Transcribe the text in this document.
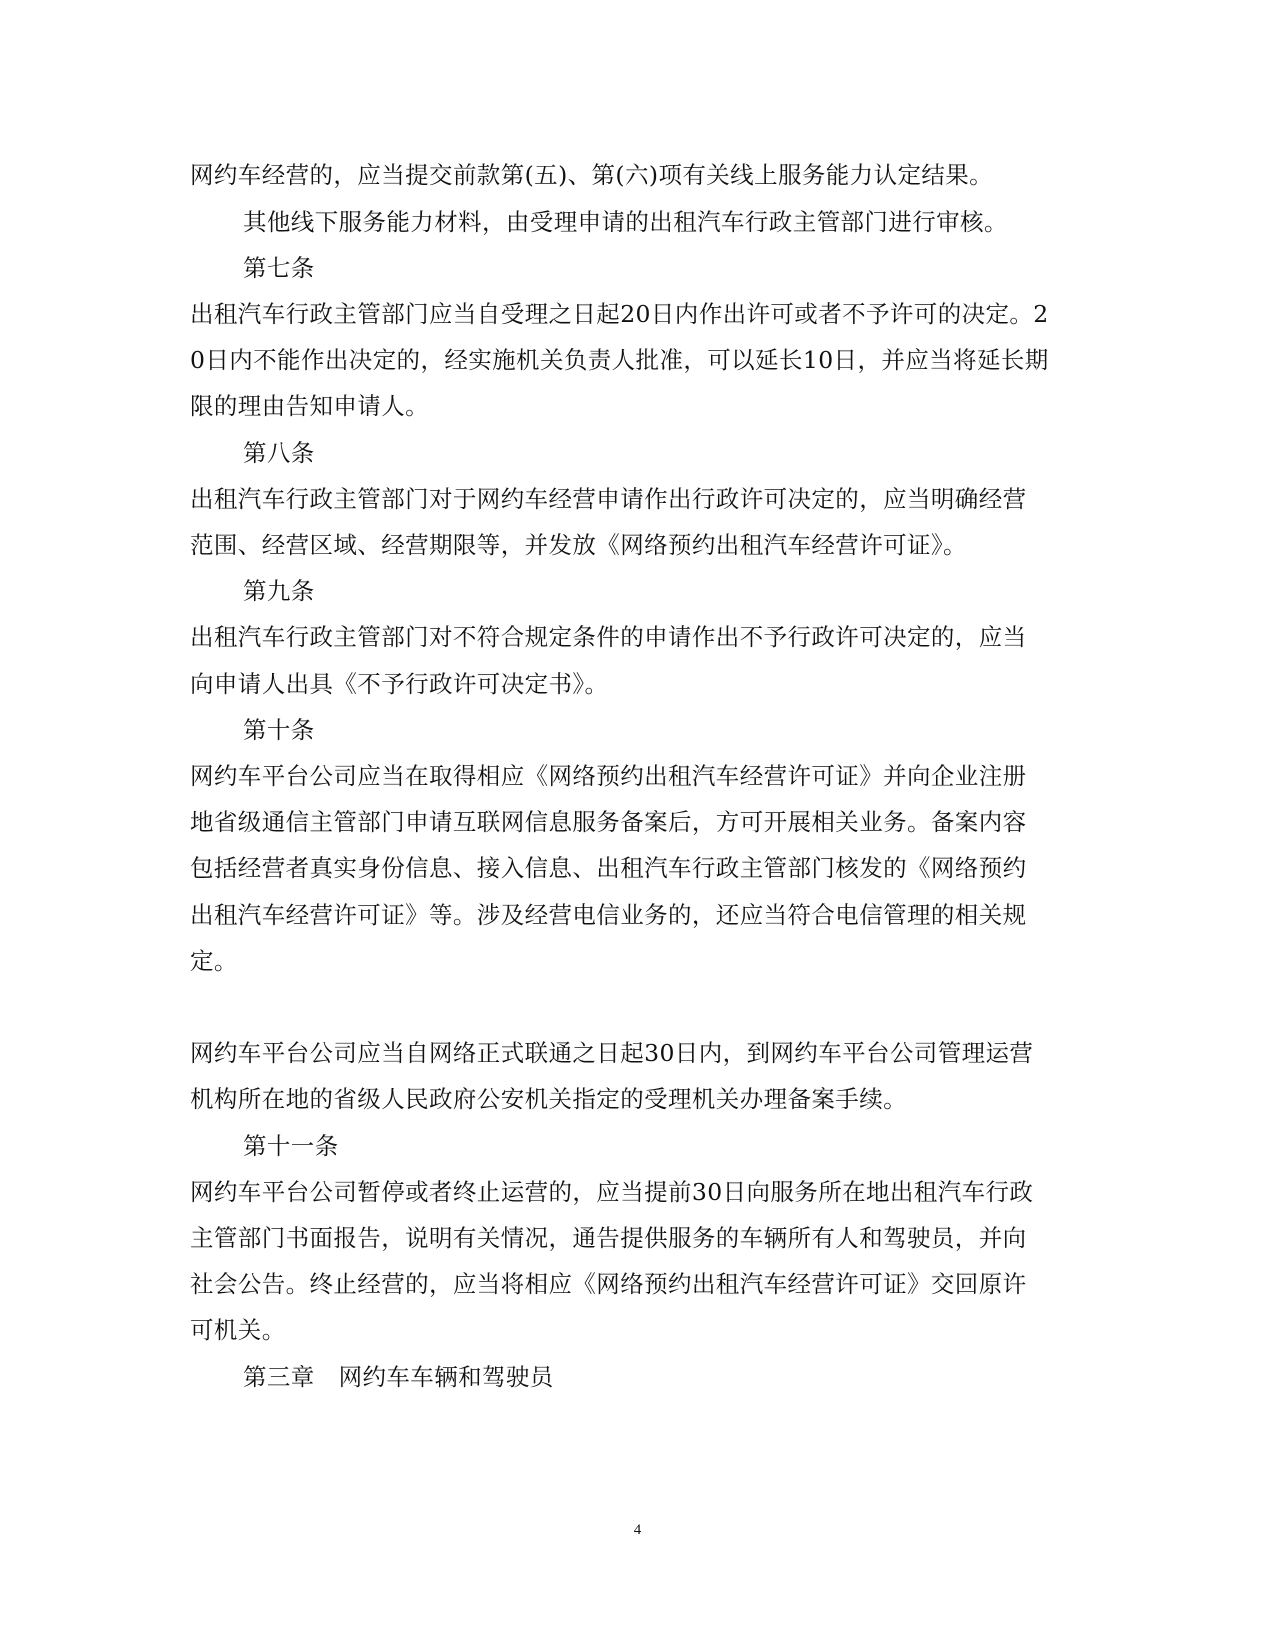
网约车经营的，应当提交前款第(五)、第(六)项有关线上服务能力认定结果。
其他线下服务能力材料，由受理申请的出租汽车行政主管部门进行审核。
第七条
出租汽车行政主管部门应当自受理之日起20日内作出许可或者不予许可的决定。2
0日内不能作出决定的，经实施机关负责人批准，可以延长10日，并应当将延长期
限的理由告知申请人。
第八条
出租汽车行政主管部门对于网约车经营申请作出行政许可决定的，应当明确经营
范围、经营区域、经营期限等，并发放《网络预约出租汽车经营许可证》。
第九条
出租汽车行政主管部门对不符合规定条件的申请作出不予行政许可决定的，应当
向申请人出具《不予行政许可决定书》。
第十条
网约车平台公司应当在取得相应《网络预约出租汽车经营许可证》并向企业注册
地省级通信主管部门申请互联网信息服务备案后，方可开展相关业务。备案内容
包括经营者真实身份信息、接入信息、出租汽车行政主管部门核发的《网络预约
出租汽车经营许可证》等。涉及经营电信业务的，还应当符合电信管理的相关规
定。
网约车平台公司应当自网络正式联通之日起30日内，到网约车平台公司管理运营
机构所在地的省级人民政府公安机关指定的受理机关办理备案手续。
第十一条
网约车平台公司暂停或者终止运营的，应当提前30日向服务所在地出租汽车行政
主管部门书面报告，说明有关情况，通告提供服务的车辆所有人和驾驶员，并向
社会公告。终止经营的，应当将相应《网络预约出租汽车经营许可证》交回原许
可机关。
第三章　网约车车辆和驾驶员
4
